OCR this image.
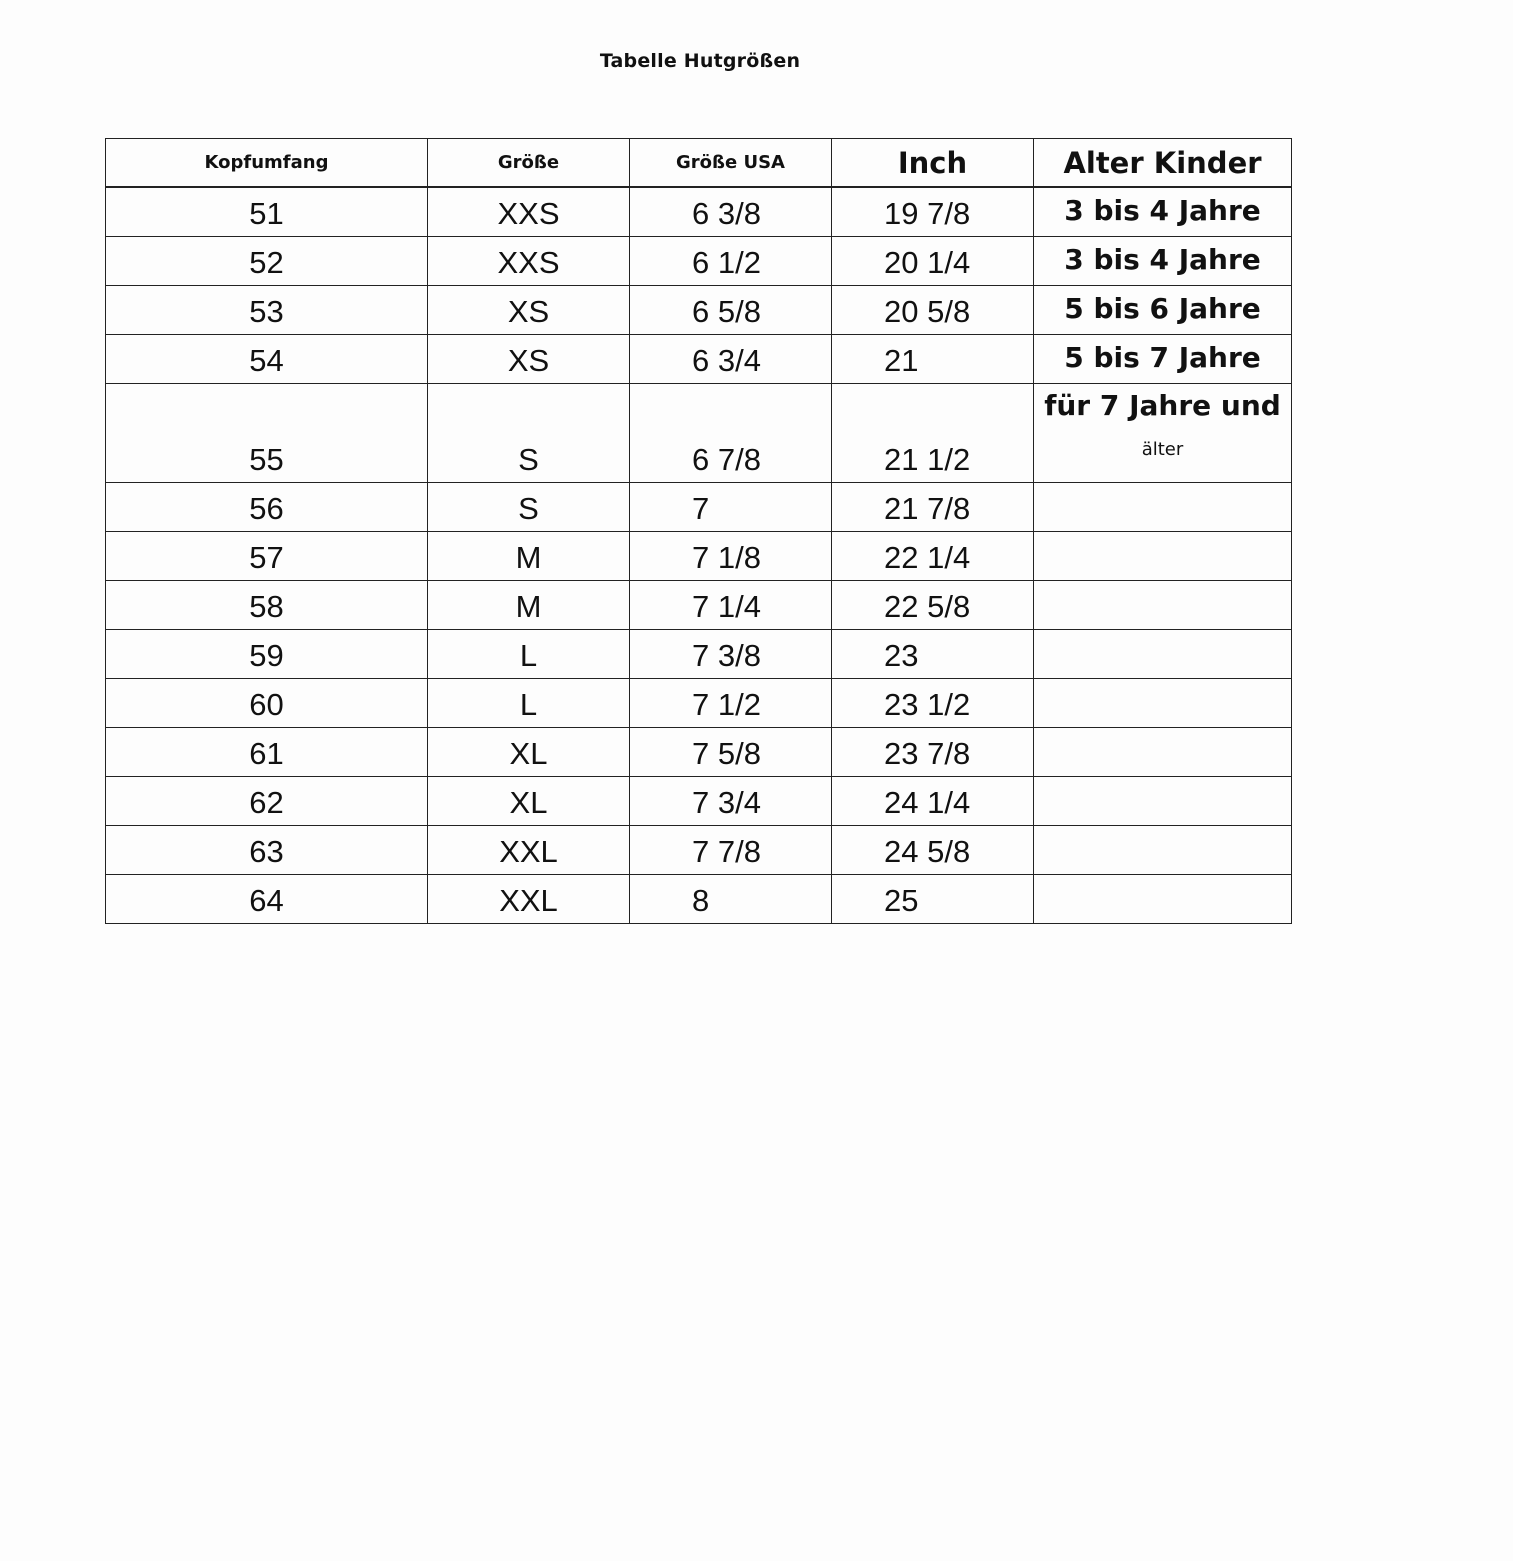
Tabelle Hutgrößen
Kopfumfang	Größe	Größe USA	Inch	Alter Kinder
51	XXS	6 3/8	19 7/8	3 bis 4 Jahre
52	XXS	6 1/2	20 1/4	3 bis 4 Jahre
53	XS	6 5/8	20 5/8	5 bis 6 Jahre
54	XS	6 3/4	21	5 bis 7 Jahre
55	S	6 7/8	21 1/2	für 7 Jahre und
älter

56	S	7	21 7/8	
57	M	7 1/8	22 1/4	
58	M	7 1/4	22 5/8	
59	L	7 3/8	23	
60	L	7 1/2	23 1/2	
61	XL	7 5/8	23 7/8	
62	XL	7 3/4	24 1/4	
63	XXL	7 7/8	24 5/8	
64	XXL	8	25	
